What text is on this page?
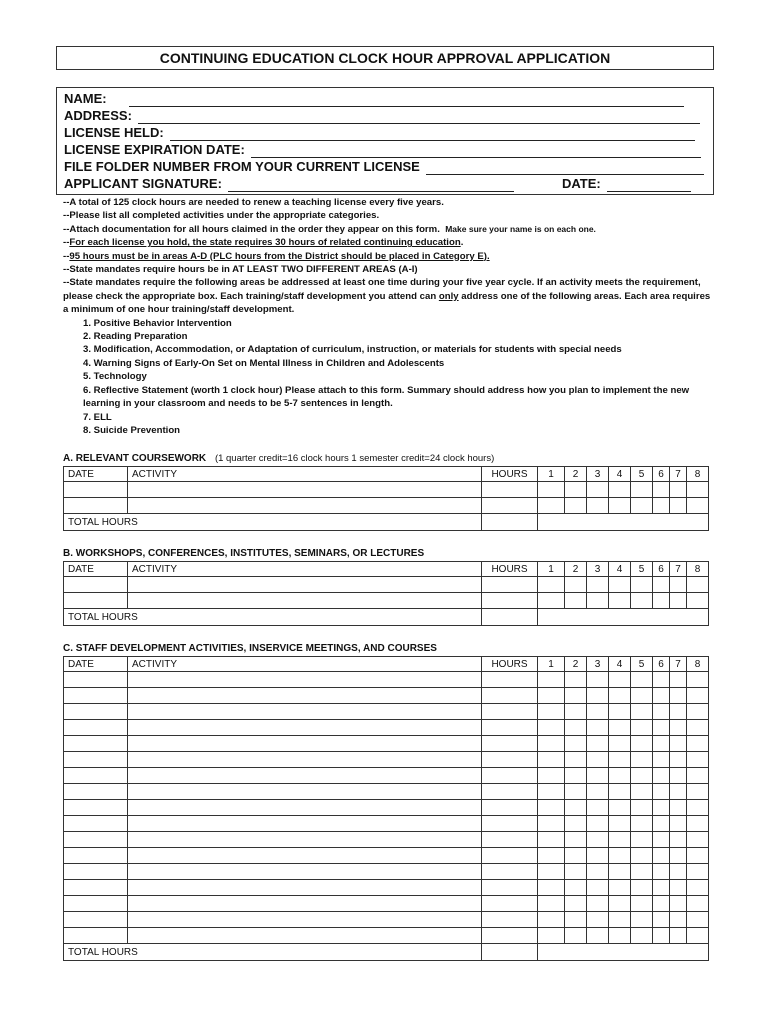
CONTINUING EDUCATION CLOCK HOUR APPROVAL APPLICATION
NAME:
ADDRESS:
LICENSE HELD:
LICENSE EXPIRATION DATE:
FILE FOLDER NUMBER FROM YOUR CURRENT LICENSE
APPLICANT SIGNATURE:	DATE:
--A total of 125 clock hours are needed to renew a teaching license every five years.
--Please list all completed activities under the appropriate categories.
--Attach documentation for all hours claimed in the order they appear on this form. Make sure your name is on each one.
--For each license you hold, the state requires 30 hours of related continuing education.
--95 hours must be in areas A-D (PLC hours from the District should be placed in Category E).
--State mandates require hours be in AT LEAST TWO DIFFERENT AREAS (A-I)
--State mandates require the following areas be addressed at least one time during your five year cycle. If an activity meets the requirement, please check the appropriate box. Each training/staff development you attend can only address one of the following areas. Each area requires a minimum of one hour training/staff development.
1. Positive Behavior Intervention
2. Reading Preparation
3. Modification, Accommodation, or Adaptation of curriculum, instruction, or materials for students with special needs
4. Warning Signs of Early-On Set on Mental Illness in Children and Adolescents
5. Technology
6. Reflective Statement (worth 1 clock hour) Please attach to this form. Summary should address how you plan to implement the new learning in your classroom and needs to be 5-7 sentences in length.
7. ELL
8. Suicide Prevention
A. RELEVANT COURSEWORK (1 quarter credit=16 clock hours 1 semester credit=24 clock hours)
DATE	ACTIVITY	HOURS	1	2	3	4	5	6	7	8

TOTAL HOURS										
B. WORKSHOPS, CONFERENCES, INSTITUTES, SEMINARS, OR LECTURES
DATE	ACTIVITY	HOURS	1	2	3	4	5	6	7	8

TOTAL HOURS										
C. STAFF DEVELOPMENT ACTIVITIES, INSERVICE MEETINGS, AND COURSES
DATE	ACTIVITY	HOURS	1	2	3	4	5	6	7	8

TOTAL HOURS										
